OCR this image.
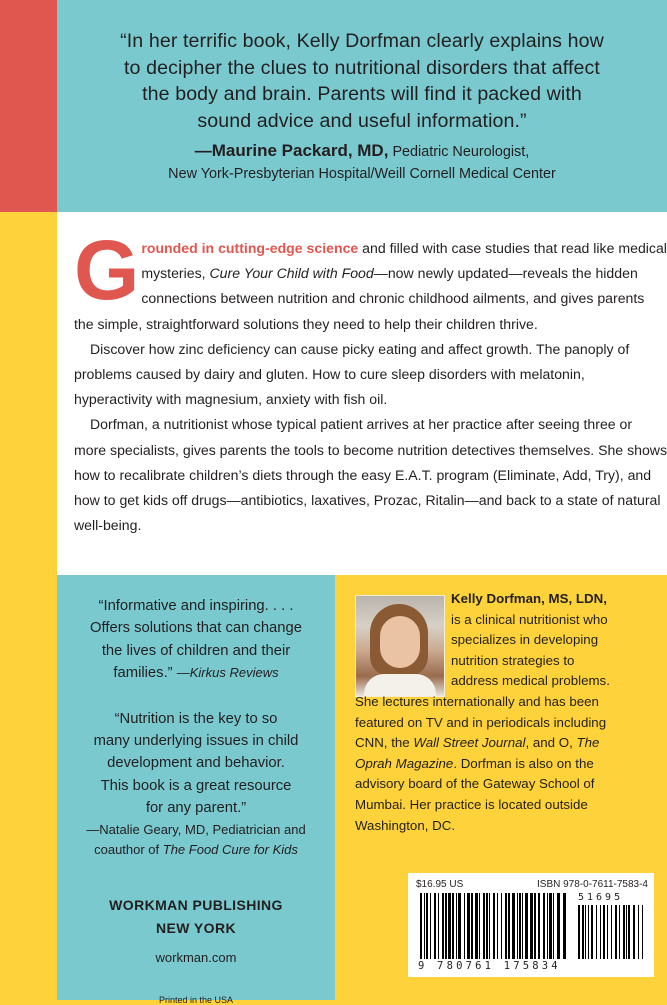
“In her terrific book, Kelly Dorfman clearly explains how
to decipher the clues to nutritional disorders that affect
the body and brain. Parents will find it packed with
sound advice and useful information.”
—Maurine Packard, MD, Pediatric Neurologist,
New York-Presbyterian Hospital/Weill Cornell Medical Center

Grounded in cutting-edge science and filled with case studies that read like medical mysteries, Cure Your Child with Food—now newly updated—reveals the hidden connections between nutrition and chronic childhood ailments, and gives parents the simple, straightforward solutions they need to help their children thrive.

Discover how zinc deficiency can cause picky eating and affect growth. The panoply of problems caused by dairy and gluten. How to cure sleep disorders with melatonin, hyperactivity with magnesium, anxiety with fish oil.

Dorfman, a nutritionist whose typical patient arrives at her practice after seeing three or more specialists, gives parents the tools to become nutrition detectives themselves. She shows how to recalibrate children’s diets through the easy E.A.T. program (Eliminate, Add, Try), and how to get kids off drugs—antibiotics, laxatives, Prozac, Ritalin—and back to a state of natural well-being.

“Informative and inspiring. . . .
Offers solutions that can change
the lives of children and their
families.” —Kirkus Reviews
“Nutrition is the key to so
many underlying issues in child
development and behavior.
This book is a great resource
for any parent.”
—Natalie Geary, MD, Pediatrician and
coauthor of The Food Cure for Kids
WORKMAN PUBLISHING
NEW YORK
workman.com
Printed in the USA
Kelly Dorfman, MS, LDN,
is a clinical nutritionist who
specializes in developing
nutrition strategies to
address medical problems.
She lectures internationally and has been
featured on TV and in periodicals including
CNN, the Wall Street Journal, and O, The
Oprah Magazine. Dorfman is also on the
advisory board of the Gateway School of
Mumbai. Her practice is located outside
Washington, DC.
$16.95 US	ISBN 978-0-7611-7583-4
9 780761 175834
51695
